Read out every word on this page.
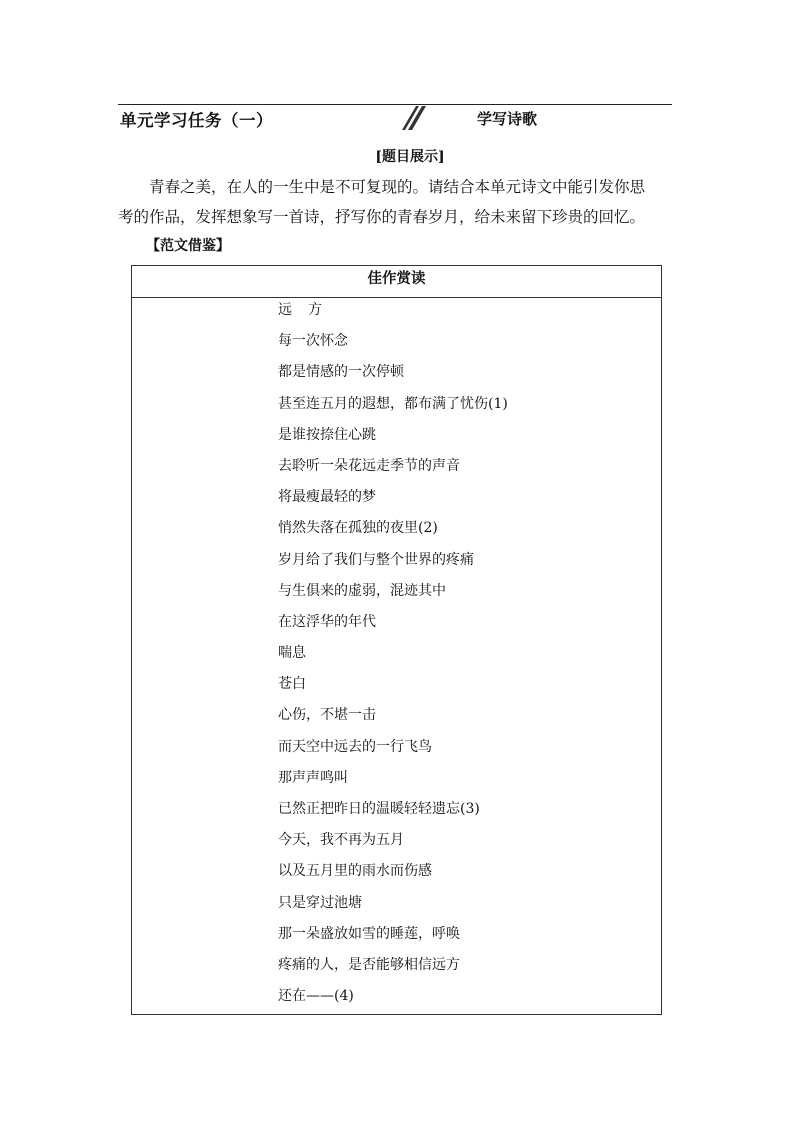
单元学习任务（一）	学写诗歌
[题目展示]
青春之美，在人的一生中是不可复现的。请结合本单元诗文中能引发你思
考的作品，发挥想象写一首诗，抒写你的青春岁月，给未来留下珍贵的回忆。
【范文借鉴】
佳作赏读
远方
每一次怀念
都是情感的一次停顿
甚至连五月的遐想，都布满了忧伤(1)
是谁按捺住心跳
去聆听一朵花远走季节的声音
将最瘦最轻的梦
悄然失落在孤独的夜里(2)
岁月给了我们与整个世界的疼痛
与生俱来的虚弱，混迹其中
在这浮华的年代
喘息
苍白
心伤，不堪一击
而天空中远去的一行飞鸟
那声声鸣叫
已然正把昨日的温暖轻轻遗忘(3)
今天，我不再为五月
以及五月里的雨水而伤感
只是穿过池塘
那一朵盛放如雪的睡莲，呼唤
疼痛的人，是否能够相信远方
还在——(4)
